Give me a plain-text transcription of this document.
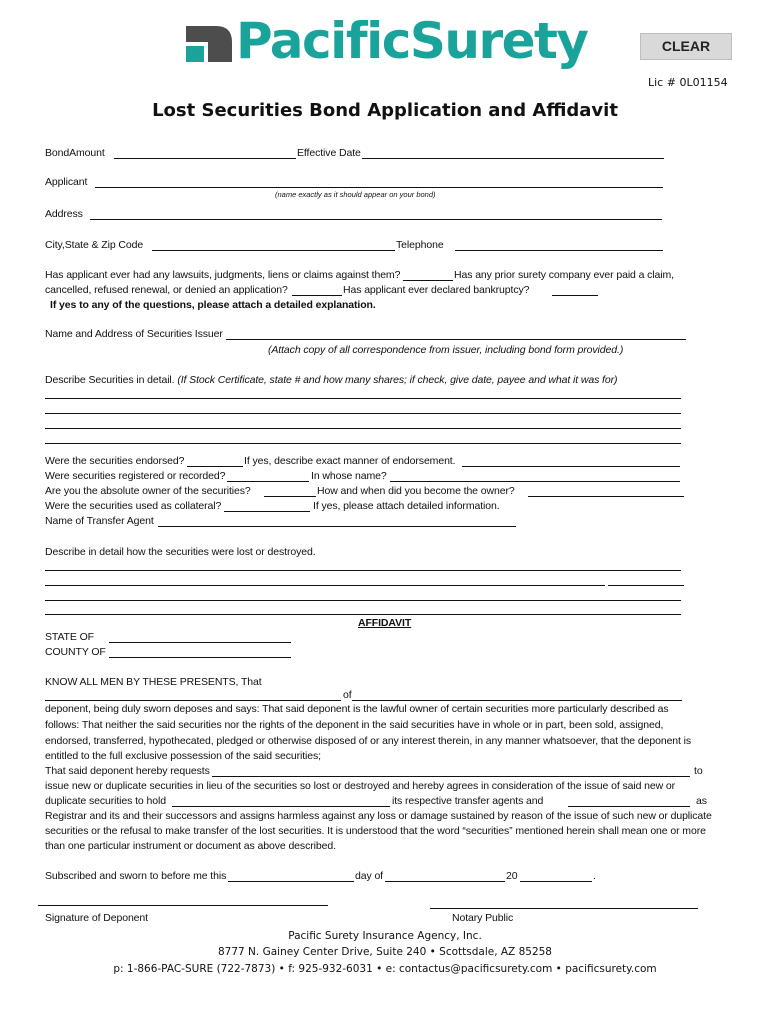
PacificSurety	CLEAR
Lic # 0L01154
Lost Securities Bond Application and Affidavit
BondAmount	Effective Date
Applicant
(name exactly as it should appear on your bond)
Address
City,State & Zip Code	Telephone
Has applicant ever had any lawsuits, judgments, liens or claims against them?	Has any prior surety company ever paid a claim,
cancelled, refused renewal, or denied an application?	Has applicant ever declared bankruptcy?
If yes to any of the questions, please attach a detailed explanation.
Name and Address of Securities Issuer
(Attach copy of all correspondence from issuer, including bond form provided.)
Describe Securities in detail. (If Stock Certificate, state # and how many shares; if check, give date, payee and what it was for)
Were the securities endorsed?	If yes, describe exact manner of endorsement.
Were securities registered or recorded?	In whose name?
Are you the absolute owner of the securities?	How and when did you become the owner?
Were the securities used as collateral?	If yes, please attach detailed information.
Name of Transfer Agent
Describe in detail how the securities were lost or destroyed.
AFFIDAVIT
STATE OF
COUNTY OF
KNOW ALL MEN BY THESE PRESENTS, That
of
deponent, being duly sworn deposes and says: That said deponent is the lawful owner of certain securities more particularly described as
follows: That neither the said securities nor the rights of the deponent in the said securities have in whole or in part, been sold, assigned,
endorsed, transferred, hypothecated, pledged or otherwise disposed of or any interest therein, in any manner whatsoever, that the deponent is
entitled to the full exclusive possession of the said securities;
That said deponent hereby requests	to
issue new or duplicate securities in lieu of the securities so lost or destroyed and hereby agrees in consideration of the issue of said new or
duplicate securities to hold	its respective transfer agents and	as
Registrar and its and their successors and assigns harmless against any loss or damage sustained by reason of the issue of such new or duplicate
securities or the refusal to make transfer of the lost securities. It is understood that the word “securities” mentioned herein shall mean one or more
than one particular instrument or document as above described.
Subscribed and sworn to before me this	day of	20	.
Signature of Deponent	Notary Public
Pacific Surety Insurance Agency, Inc.
8777 N. Gainey Center Drive, Suite 240 • Scottsdale, AZ 85258
p: 1-866-PAC-SURE (722-7873) • f: 925-932-6031 • e: contactus@pacificsurety.com • pacificsurety.com
